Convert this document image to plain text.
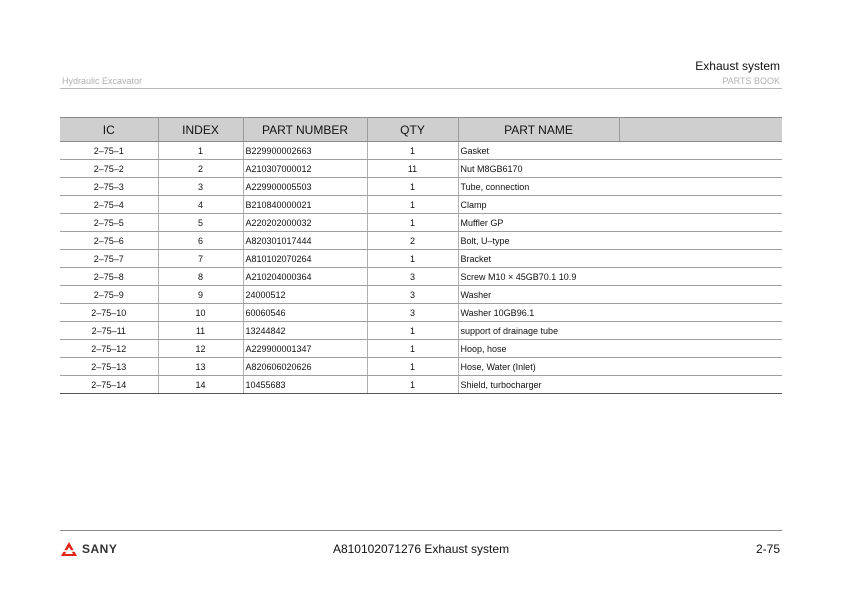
Exhaust system
Hydraulic Excavator	PARTS BOOK
IC	INDEX	PART NUMBER	QTY	PART NAME	
2–75–1	1	B229900002663	1	Gasket	
2–75–2	2	A210307000012	11	Nut M8GB6170	
2–75–3	3	A229900005503	1	Tube, connection	
2–75–4	4	B210840000021	1	Clamp	
2–75–5	5	A220202000032	1	Muffler GP	
2–75–6	6	A820301017444	2	Bolt, U–type	
2–75–7	7	A810102070264	1	Bracket	
2–75–8	8	A210204000364	3	Screw M10 × 45GB70.1 10.9	
2–75–9	9	24000512	3	Washer	
2–75–10	10	60060546	3	Washer 10GB96.1	
2–75–11	11	13244842	1	support of drainage tube	
2–75–12	12	A229900001347	1	Hoop, hose	
2–75–13	13	A820606020626	1	Hose, Water (Inlet)	
2–75–14	14	10455683	1	Shield, turbocharger	
SANY	A810102071276 Exhaust system	2-75
